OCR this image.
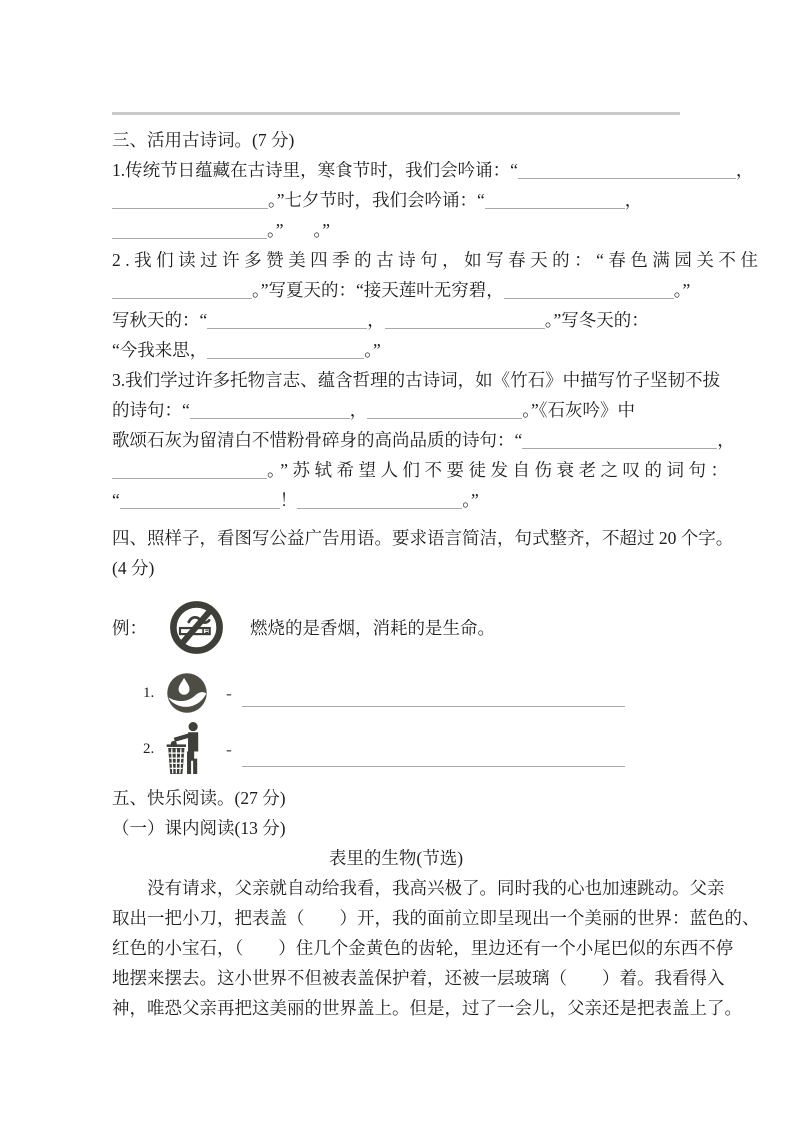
三、活用古诗词。(7 分)
1.传统节日蕴藏在古诗里，寒食节时，我们会吟诵：“	，
。”七夕节时，我们会吟诵：“	，
。” 。”
2.我们读过许多赞美四季的古诗句，如写春天的：“春色满园关不住
。”写夏天的：“接天莲叶无穷碧，	。”
写秋天的：“	，	。”写冬天的：
“今我来思，	。”
3.我们学过许多托物言志、蕴含哲理的古诗词，如《竹石》中描写竹子坚韧不拔
的诗句：“	，	。”《石灰吟》中
歌颂石灰为留清白不惜粉骨碎身的高尚品质的诗句：“	，
。”苏轼希望人们不要徒发自伤衰老之叹的词句：
“	！	。”
四、照样子，看图写公益广告用语。要求语言简洁，句式整齐，不超过 20 个字。
(4 分)
例：	燃烧的是香烟，消耗的是生命。
1.	-
2.	-
五、快乐阅读。(27 分)
（一）课内阅读(13 分)
表里的生物(节选)
没有请求，父亲就自动给我看，我高兴极了。同时我的心也加速跳动。父亲
取出一把小刀，把表盖（　　）开，我的面前立即呈现出一个美丽的世界：蓝色的、
红色的小宝石，（　　）住几个金黄色的齿轮，里边还有一个小尾巴似的东西不停
地摆来摆去。这小世界不但被表盖保护着，还被一层玻璃（　　）着。我看得入
神，唯恐父亲再把这美丽的世界盖上。但是，过了一会儿，父亲还是把表盖上了。
